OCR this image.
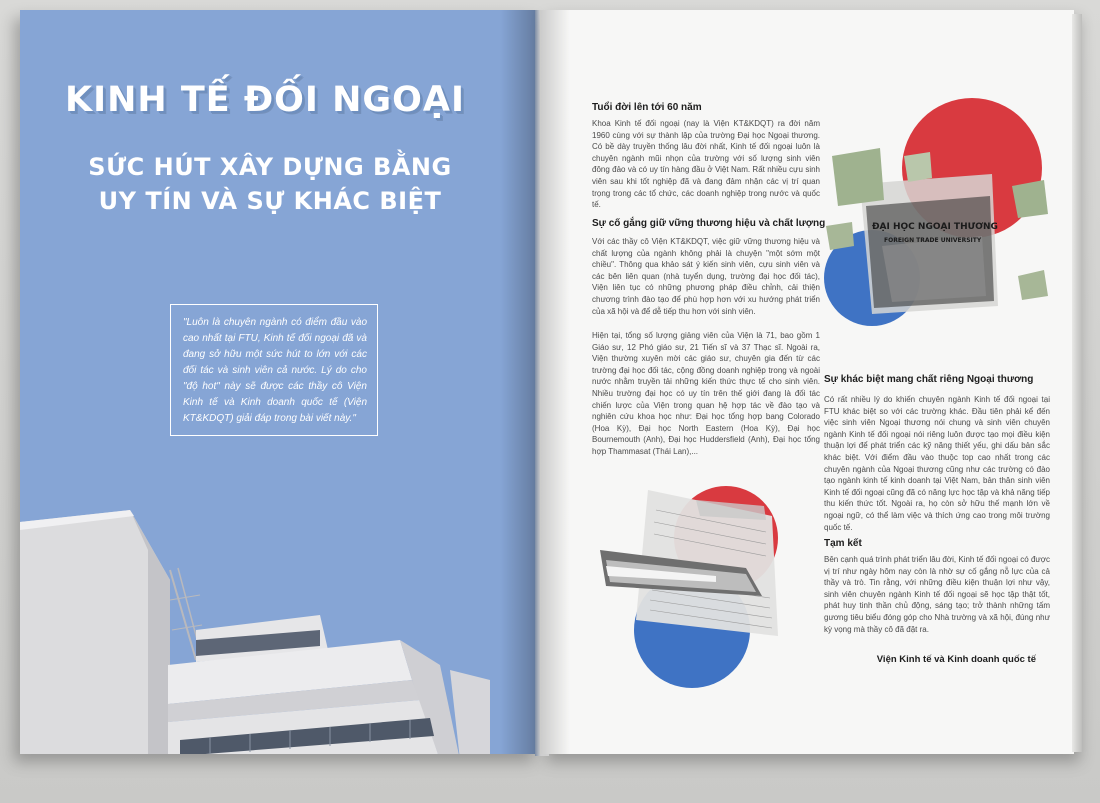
KINH TẾ ĐỐI NGOẠI
SỨC HÚT XÂY DỰNG BẰNG
UY TÍN VÀ SỰ KHÁC BIỆT
"Luôn là chuyên ngành có điểm đầu vào cao nhất tại FTU, Kinh tế đối ngoại đã và đang sở hữu một sức hút to lớn với các đối tác và sinh viên cả nước. Lý do cho "độ hot" này sẽ được các thầy cô Viện Kinh tế và Kinh doanh quốc tế (Viện KT&KDQT) giải đáp trong bài viết này."
Tuổi đời lên tới 60 năm
Khoa Kinh tế đối ngoại (nay là Viện KT&KDQT) ra đời năm 1960 cùng với sự thành lập của trường Đại học Ngoại thương. Có bề dày truyền thống lâu đời nhất, Kinh tế đối ngoại luôn là chuyên ngành mũi nhọn của trường với số lượng sinh viên đông đảo và có uy tín hàng đầu ở Việt Nam. Rất nhiều cựu sinh viên sau khi tốt nghiệp đã và đang đảm nhận các vị trí quan trọng trong các tổ chức, các doanh nghiệp trong nước và quốc tế.
Sự cố gắng giữ vững thương hiệu và chất lượng
Với các thầy cô Viện KT&KDQT, việc giữ vững thương hiệu và chất lượng của ngành không phải là chuyện "một sớm một chiều". Thông qua khảo sát ý kiến sinh viên, cựu sinh viên và các bên liên quan (nhà tuyển dụng, trường đại học đối tác), Viện liên tục có những phương pháp điều chỉnh, cải thiện chương trình đào tạo để phù hợp hơn với xu hướng phát triển của xã hội và để dễ tiếp thu hơn với sinh viên.
Hiện tại, tổng số lượng giảng viên của Viện là 71, bao gồm 1 Giáo sư, 12 Phó giáo sư, 21 Tiến sĩ và 37 Thạc sĩ. Ngoài ra, Viện thường xuyên mời các giáo sư, chuyên gia đến từ các trường đại học đối tác, cộng đồng doanh nghiệp trong và ngoài nước nhằm truyền tải những kiến thức thực tế cho sinh viên. Nhiều trường đại học có uy tín trên thế giới đang là đối tác chiến lược của Viện trong quan hệ hợp tác về đào tạo và nghiên cứu khoa học như: Đại học tổng hợp bang Colorado (Hoa Kỳ), Đại học North Eastern (Hoa Kỳ), Đại học Bournemouth (Anh), Đại học Huddersfield (Anh), Đại học tổng hợp Thammasat (Thái Lan),...
ĐẠI HỌC NGOẠI THƯƠNG
FOREIGN TRADE UNIVERSITY
Sự khác biệt mang chất riêng Ngoại thương
Có rất nhiều lý do khiến chuyên ngành Kinh tế đối ngoại tại FTU khác biệt so với các trường khác. Đầu tiên phải kể đến việc sinh viên Ngoại thương nói chung và sinh viên chuyên ngành Kinh tế đối ngoại nói riêng luôn được tạo mọi điều kiện thuận lợi để phát triển các kỹ năng thiết yếu, ghi dấu bản sắc khác biệt. Với điểm đầu vào thuộc top cao nhất trong các chuyên ngành của Ngoại thương cũng như các trường có đào tạo ngành kinh tế kinh doanh tại Việt Nam, bản thân sinh viên Kinh tế đối ngoại cũng đã có năng lực học tập và khả năng tiếp thu kiến thức tốt. Ngoài ra, họ còn sở hữu thế mạnh lớn về ngoại ngữ, có thể làm việc và thích ứng cao trong môi trường quốc tế.
Tạm kết
Bên cạnh quá trình phát triển lâu đời, Kinh tế đối ngoại có được vị trí như ngày hôm nay còn là nhờ sự cố gắng nỗ lực của cả thầy và trò. Tin rằng, với những điều kiện thuận lợi như vậy, sinh viên chuyên ngành Kinh tế đối ngoại sẽ học tập thật tốt, phát huy tinh thần chủ động, sáng tạo; trở thành những tấm gương tiêu biểu đóng góp cho Nhà trường và xã hội, đúng như kỳ vọng mà thầy cô đã đặt ra.
Viện Kinh tế và Kinh doanh quốc tế
